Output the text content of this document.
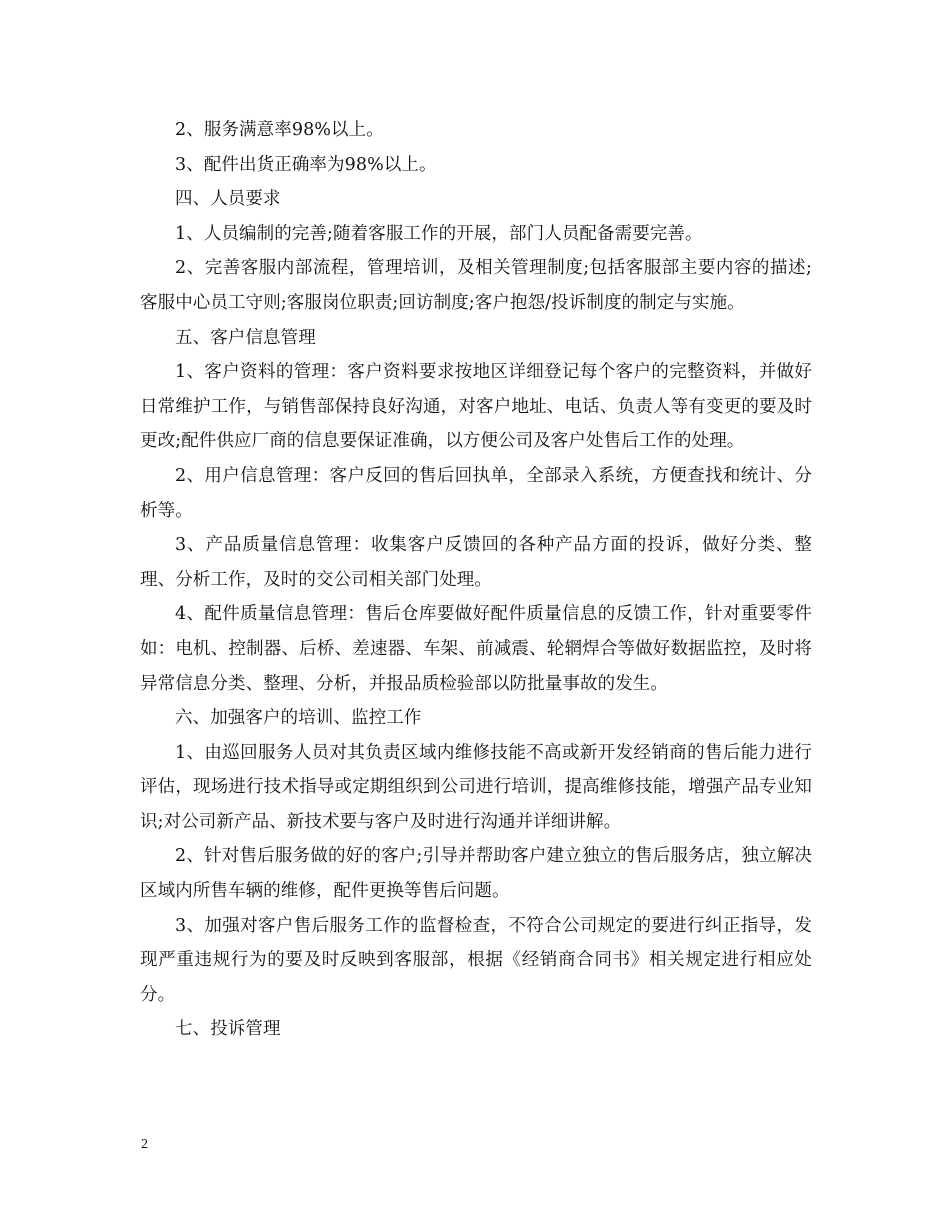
2、服务满意率98%以上。

3、配件出货正确率为98%以上。

四、人员要求

1、人员编制的完善;随着客服工作的开展，部门人员配备需要完善。

2、完善客服内部流程，管理培训，及相关管理制度;包括客服部主要内容的描述;客服中心员工守则;客服岗位职责;回访制度;客户抱怨/投诉制度的制定与实施。

五、客户信息管理

1、客户资料的管理：客户资料要求按地区详细登记每个客户的完整资料，并做好日常维护工作，与销售部保持良好沟通，对客户地址、电话、负责人等有变更的要及时更改;配件供应厂商的信息要保证准确，以方便公司及客户处售后工作的处理。

2、用户信息管理：客户反回的售后回执单，全部录入系统，方便查找和统计、分析等。

3、产品质量信息管理：收集客户反馈回的各种产品方面的投诉，做好分类、整理、分析工作，及时的交公司相关部门处理。

4、配件质量信息管理：售后仓库要做好配件质量信息的反馈工作，针对重要零件如：电机、控制器、后桥、差速器、车架、前减震、轮辋焊合等做好数据监控，及时将异常信息分类、整理、分析，并报品质检验部以防批量事故的发生。

六、加强客户的培训、监控工作

1、由巡回服务人员对其负责区域内维修技能不高或新开发经销商的售后能力进行评估，现场进行技术指导或定期组织到公司进行培训，提高维修技能，增强产品专业知识;对公司新产品、新技术要与客户及时进行沟通并详细讲解。

2、针对售后服务做的好的客户;引导并帮助客户建立独立的售后服务店，独立解决区域内所售车辆的维修，配件更换等售后问题。

3、加强对客户售后服务工作的监督检查，不符合公司规定的要进行纠正指导，发现严重违规行为的要及时反映到客服部，根据《经销商合同书》相关规定进行相应处分。

七、投诉管理

2
